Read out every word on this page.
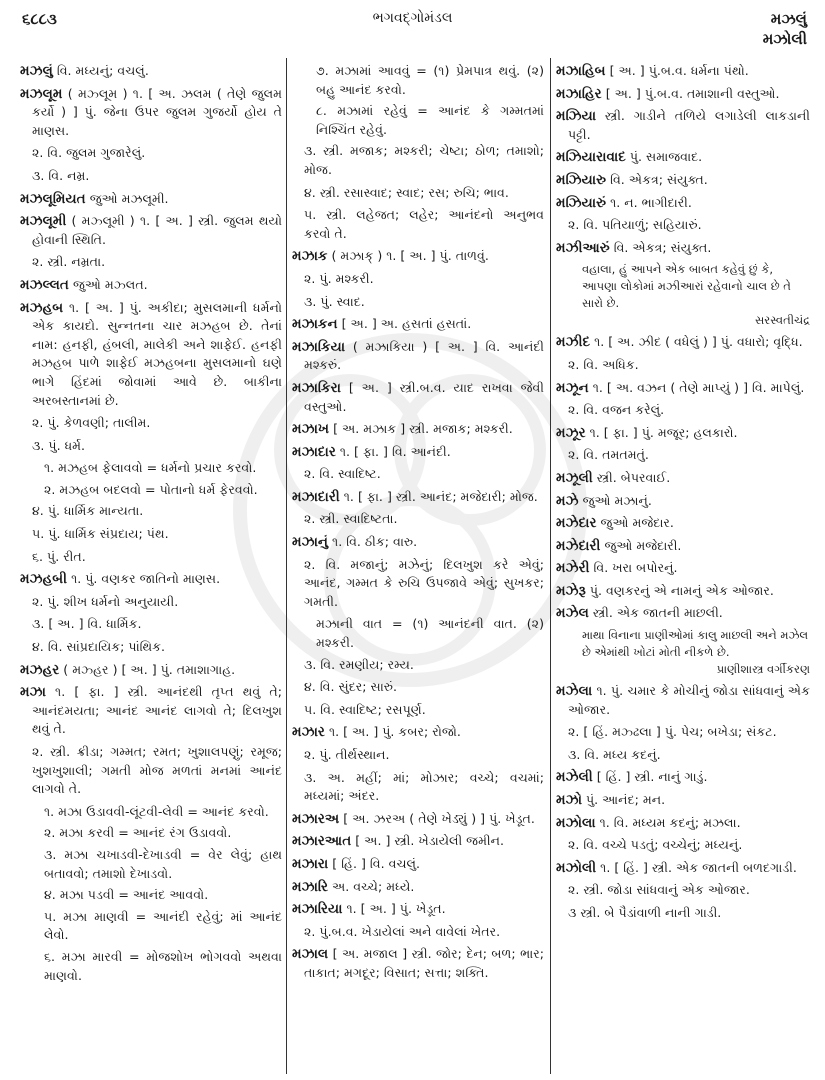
૬૮૮૩	ભગવદ્ગોમંડલ	મઝલું
મઝોલી
મઝલું વિ. મધ્યનું; વચલું.
મઝલૂમ ( મઝ્લૂમ ) ૧. [ અ. ઝલમ ( તેણે જુલમ કર્યો ) ] પું. જેના ઉપર જુલમ ગુજર્યો હોય તે માણસ.
૨. વિ. જુલમ ગુજારેલું.
૩. વિ. નમ્ર.
મઝલૂમિયત જુઓ મઝલૂમી.
મઝલૂમી ( મઝ્લૂમી ) ૧. [ અ. ] સ્ત્રી. જુલમ થયો હોવાની સ્થિતિ.
૨. સ્ત્રી. નમ્રતા.
મઝલ્લત જુઓ મઝ્લત.
મઝહબ ૧. [ અ. ] પું. અકીદા; મુસલમાની ધર્મનો એક કાયદો. સુન્નતના ચાર મઝહબ છે. તેનાં નામ: હનફી, હંબલી, માલેકી અને શાફેઈ. હનફી મઝહબ પાળે શાફેઈ મઝહબના મુસલમાનો ઘણે ભાગે હિંદમાં જોવામાં આવે છે. બાકીના અરબસ્તાનમાં છે.
૨. પું. કેળવણી; તાલીમ.
૩. પું. ધર્મ.
૧. મઝહબ ફેલાવવો = ધર્મનો પ્રચાર કરવો.
૨. મઝહબ બદલવો = પોતાનો ધર્મ ફેરવવો.
૪. પું. ધાર્મિક માન્યતા.
૫. પું. ધાર્મિક સંપ્રદાય; પંથ.
૬. પું. રીત.
મઝહબી ૧. પું. વણકર જાતિનો માણસ.
૨. પું. શીખ ધર્મનો અનુયાયી.
૩. [ અ. ] વિ. ધાર્મિક.
૪. વિ. સાંપ્રદાયિક; પાંથિક.
મઝહર ( મઝ્હર ) [ અ. ] પું. તમાશાગાહ.
મઝા ૧. [ ફા. ] સ્ત્રી. આનંદથી તૃપ્ત થવું તે; આનંદમયતા; આનંદ આનંદ લાગવો તે; દિલખુશ થવું તે.
૨. સ્ત્રી. ક્રીડા; ગમ્મત; રમત; ખુશાલપણું; રમૂજ; ખુશખુશાલી; ગમતી મોજ મળતાં મનમાં આનંદ લાગવો તે.
૧. મઝા ઉડાવવી-લૂંટવી-લેવી = આનંદ કરવો.
૨. મઝા કરવી = આનંદ રંગ ઉડાવવો.
૩. મઝા ચખાડવી-દેખાડવી = વેર લેવું; હાથ બતાવવો; તમાશો દેખાડવો.
૪. મઝા પડવી = આનંદ આવવો.
૫. મઝા માણવી = આનંદી રહેવું; માં આનંદ લેવો.
૬. મઝા મારવી = મોજશોખ ભોગવવો અથવા માણવો.
૭. મઝામાં આવવું = (૧) પ્રેમપાત્ર થવું. (૨) બહુ આનંદ કરવો.
૮. મઝામાં રહેવું = આનંદ કે ગમ્મતમાં નિશ્ચિંત રહેવું.
૩. સ્ત્રી. મજાક; મશ્કરી; ચેષ્ટા; ઠોળ; તમાશો; મોજ.
૪. સ્ત્રી. રસાસ્વાદ; સ્વાદ; રસ; રુચિ; ભાવ.
૫. સ્ત્રી. લહેજત; લહેર; આનંદનો અનુભવ કરવો તે.
મઝાક ( મઝાક્ ) ૧. [ અ. ] પું. તાળવું.
૨. પું. મશ્કરી.
૩. પું. સ્વાદ.
મઝાકન [ અ. ] અ. હસતાં હસતાં.
મઝાકિયા ( મઝાકિયા ) [ અ. ] વિ. આનંદી મશ્કરું.
મઝાકિરા [ અ. ] સ્ત્રી.બ.વ. યાદ રાખવા જેવી વસ્તુઓ.
મઝાખ [ અ. મઝાક ] સ્ત્રી. મજાક; મશ્કરી.
મઝાદાર ૧. [ ફા. ] વિ. આનંદી.
૨. વિ. સ્વાદિષ્ટ.
મઝાદારી ૧. [ ફા. ] સ્ત્રી. આનંદ; મજેદારી; મોજ.
૨. સ્ત્રી. સ્વાદિષ્ટતા.
મઝાનું ૧. વિ. ઠીક; વારુ.
૨. વિ. મજાનું; મઝેનું; દિલખુશ કરે એવું; આનંદ, ગમ્મત કે રુચિ ઉપજાવે એવું; સુખકર; ગમતી.
મઝાની વાત = (૧) આનંદની વાત. (૨) મશ્કરી.
૩. વિ. રમણીય; રમ્ય.
૪. વિ. સુંદર; સારું.
૫. વિ. સ્વાદિષ્ટ; રસપૂર્ણ.
મઝાર ૧. [ અ. ] પું. કબર; રોજો.
૨. પું. તીર્થસ્થાન.
૩. અ. મહીં; માં; મોઝાર; વચ્ચે; વચમાં; મધ્યમાં; અંદર.
મઝારઅ [ અ. ઝરઅ ( તેણે ખેડ્યું ) ] પું. ખેડૂત.
મઝારઆત [ અ. ] સ્ત્રી. ખેડાયેલી જમીન.
મઝારા [ હિં. ] વિ. વચલું.
મઝારિ અ. વચ્ચે; મધ્યે.
મઝારિયા ૧. [ અ. ] પું. ખેડૂત.
૨. પું.બ.વ. ખેડાયેલાં અને વાવેલાં ખેતર.
મઝાલ [ અ. મજાલ ] સ્ત્રી. જોર; દેન; બળ; ભાર; તાકાત; મગદૂર; વિસાત; સત્તા; શક્તિ.
મઝાહિબ [ અ. ] પું.બ.વ. ધર્મના પંથો.
મઝાહિર [ અ. ] પું.બ.વ. તમાશાની વસ્તુઓ.
મઝિયા સ્ત્રી. ગાડીને તળિયે લગાડેલી લાકડાની પટ્ટી.
મઝિયારાવાદ પું. સમાજવાદ.
મઝિયારુ વિ. એકત્ર; સંયુક્ત.
મઝિયારું ૧. ન. ભાગીદારી.
૨. વિ. પતિયાળું; સહિયારું.
મઝીઆરું વિ. એકત્ર; સંયુક્ત.
વહાલા, હું આપને એક બાબત કહેવું છું કે, આપણા લોકોમાં મઝીઆરાં રહેવાનો ચાલ છે તે સારો છે.
સરસ્વતીચંદ્ર
મઝીદ ૧. [ અ. ઝીદ ( વધેલું ) ] પું. વધારો; વૃદ્ધિ.
૨. વિ. અધિક.
મઝૂન ૧. [ અ. વઝન ( તેણે માપ્યું ) ] વિ. માપેલું.
૨. વિ. વજન કરેલું.
મઝૂર ૧. [ ફા. ] પું. મજૂર; હલકારો.
૨. વિ. તમતમતું.
મઝૂલી સ્ત્રી. બેપરવાઈ.
મઝે જુઓ મઝાનું.
મઝેદાર જુઓ મજેદાર.
મઝેદારી જુઓ મજેદારી.
મઝેરી વિ. ખરા બપોરનું.
મઝેરૂ પું. વણકરનું એ નામનું એક ઓજાર.
મઝેલ સ્ત્રી. એક જાતની માછલી.
માથા વિનાના પ્રાણીઓમાં કાલુ માછલી અને મઝેલ છે એમાંથી ખોટાં મોતી નીકળે છે.
પ્રાણીશાસ્ત્ર વર્ગીકરણ
મઝેલા ૧. પું. ચમાર કે મોચીનું જોડા સાંધવાનું એક ઓજાર.
૨. [ હિં. મઝ્ઢલા ] પું. પેચ; બખેડા; સંકટ.
૩. વિ. મધ્ય કદનું.
મઝેલી [ હિં. ] સ્ત્રી. નાનું ગાડું.
મઝો પું. આનંદ; મન.
મઝોલા ૧. વિ. મધ્યમ કદનું; મઝલા.
૨. વિ. વચ્ચે પડતું; વચ્ચેનું; મધ્યનું.
મઝોલી ૧. [ હિં. ] સ્ત્રી. એક જાતની બળદગાડી.
૨. સ્ત્રી. જોડા સાંધવાનું એક ઓજાર.
૩ સ્ત્રી. બે પૈડાંવાળી નાની ગાડી.
